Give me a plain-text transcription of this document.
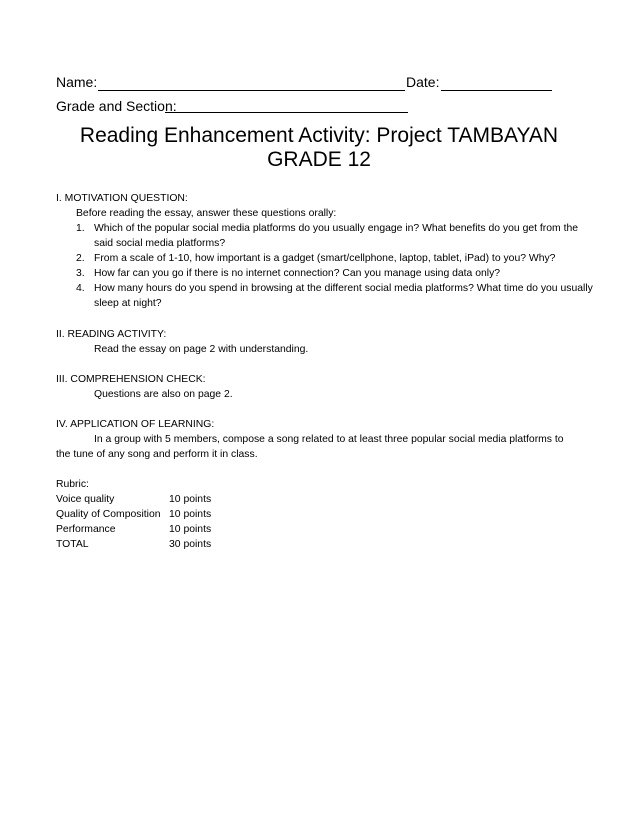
Name:	Date:
Grade and Section:
Reading Enhancement Activity: Project TAMBAYAN
GRADE 12
I. MOTIVATION QUESTION:
Before reading the essay, answer these questions orally:
1. Which of the popular social media platforms do you usually engage in? What benefits do you get from the said social media platforms?
2. From a scale of 1-10, how important is a gadget (smart/cellphone, laptop, tablet, iPad) to you? Why?
3. How far can you go if there is no internet connection? Can you manage using data only?
4. How many hours do you spend in browsing at the different social media platforms? What time do you usually sleep at night?
II. READING ACTIVITY:
Read the essay on page 2 with understanding.
III. COMPREHENSION CHECK:
Questions are also on page 2.
IV. APPLICATION OF LEARNING:
In a group with 5 members, compose a song related to at least three popular social media platforms to
the tune of any song and perform it in class.
Rubric:
Voice quality	10 points
Quality of Composition 10 points
Performance	10 points
TOTAL	30 points
